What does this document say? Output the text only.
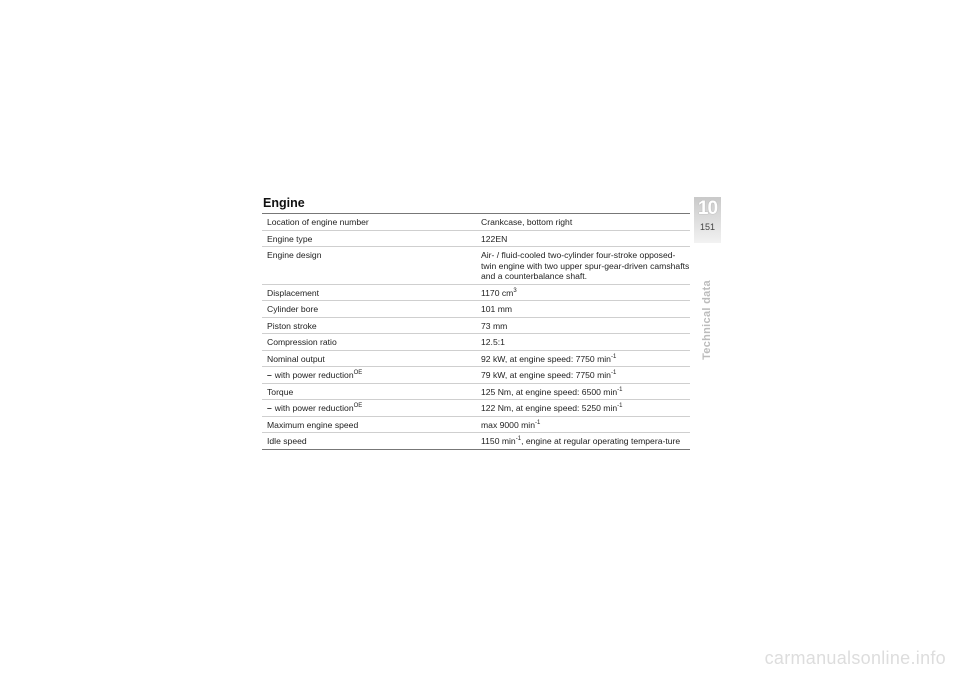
Engine
Location of engine number	Crankcase, bottom right
Engine type	122EN
Engine design	Air- / fluid-cooled two-cylinder four-stroke opposed-twin engine with two upper spur-gear-driven camshafts and a counterbalance shaft.
Displacement	1170 $cm^3$
Cylinder bore	101 mm
Piston stroke	73 mm
Compression ratio	12.5:1
Nominal output	92 kW, at engine speed: 7750 $\min^{-1}$
– with power reduction$^{OE}$	79 kW, at engine speed: 7750 $\min^{-1}$
Torque	125 Nm, at engine speed: 6500 $\min^{-1}$
– with power reduction$^{OE}$	122 Nm, at engine speed: 5250 $\min^{-1}$
Maximum engine speed	max 9000 $\min^{-1}$
Idle speed	1150 $\min^{-1}$, engine at regular operating tempera-ture
10
151
Technical data
carmanualsonline.info
